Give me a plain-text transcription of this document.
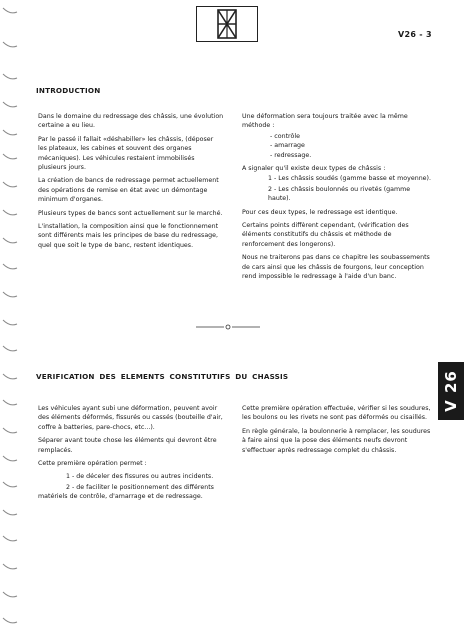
V26 - 3
INTRODUCTION

Dans le domaine du redressage des châssis, une évolution certaine a eu lieu.

Par le passé il fallait «déshabiller» les châssis, (déposer les plateaux, les cabines et souvent des organes mécaniques). Les véhicules restaient immobilisés plusieurs jours.

La création de bancs de redressage permet actuellement des opérations de remise en état avec un démontage minimum d'organes.

Plusieurs types de bancs sont actuellement sur le marché.

L'installation, la composition ainsi que le fonctionnement sont différents mais les principes de base du redressage, quel que soit le type de banc, restent identiques.

Une déformation sera toujours traitée avec la même méthode :

- contrôle

- amarrage

- redressage.

A signaler qu'il existe deux types de châssis :

1 - Les châssis soudés (gamme basse et moyenne).

2 - Les châssis boulonnés ou rivetés (gamme haute).

Pour ces deux types, le redressage est identique.

Certains points diffèrent cependant, (vérification des éléments constitutifs du châssis et méthode de renforcement des longerons).

Nous ne traiterons pas dans ce chapitre les soubassements de cars ainsi que les châssis de fourgons, leur conception rend impossible le redressage à l'aide d'un banc.

VERIFICATION DES ELEMENTS CONSTITUTIFS DU CHASSIS

Les véhicules ayant subi une déformation, peuvent avoir des éléments déformés, fissurés ou cassés (bouteille d'air, coffre à batteries, pare-chocs, etc...).

Séparer avant toute chose les éléments qui devront être remplacés.

Cette première opération permet :

1 - de déceler des fissures ou autres incidents.

2 - de faciliter le positionnement des différents matériels de contrôle, d'amarrage et de redressage.

Cette première opération effectuée, vérifier si les soudures, les boulons ou les rivets ne sont pas déformés ou cisaillés.

En règle générale, la boulonnerie à remplacer, les soudures à faire ainsi que la pose des éléments neufs devront s'effectuer après redressage complet du châssis.

V 26
